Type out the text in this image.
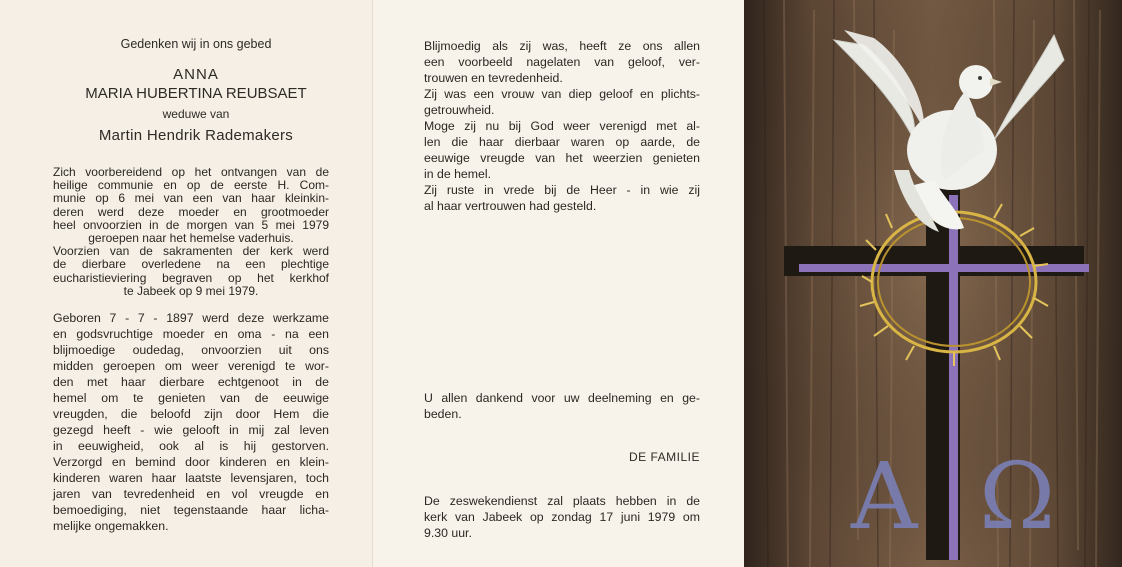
Gedenken wij in ons gebed

ANNA

MARIA HUBERTINA REUBSAET

weduwe van

Martin Hendrik Rademakers

Zich voorbereidend op het ontvangen van de
heilige communie en op de eerste H. Com-
munie op 6 mei van een van haar kleinkin-
deren werd deze moeder en grootmoeder
heel onvoorzien in de morgen van 5 mei 1979
geroepen naar het hemelse vaderhuis.
Voorzien van de sakramenten der kerk werd
de dierbare overledene na een plechtige
eucharistieviering begraven op het kerkhof
te Jabeek op 9 mei 1979.
Geboren 7 - 7 - 1897 werd deze werkzame
en godsvruchtige moeder en oma - na een
blijmoedige oudedag, onvoorzien uit ons
midden geroepen om weer verenigd te wor-
den met haar dierbare echtgenoot in de
hemel om te genieten van de eeuwige
vreugden, die beloofd zijn door Hem die
gezegd heeft - wie gelooft in mij zal leven
in eeuwigheid, ook al is hij gestorven.
Verzorgd en bemind door kinderen en klein-
kinderen waren haar laatste levensjaren, toch
jaren van tevredenheid en vol vreugde en
bemoediging, niet tegenstaande haar licha-
melijke ongemakken.
Blijmoedig als zij was, heeft ze ons allen
een voorbeeld nagelaten van geloof, ver-
trouwen en tevredenheid.
Zij was een vrouw van diep geloof en plichts-
getrouwheid.
Moge zij nu bij God weer verenigd met al-
len die haar dierbaar waren op aarde, de
eeuwige vreugde van het weerzien genieten
in de hemel.
Zij ruste in vrede bij de Heer - in wie zij
al haar vertrouwen had gesteld.
U allen dankend voor uw deelneming en ge-
beden.
DE FAMILIE
De zeswekendienst zal plaats hebben in de
kerk van Jabeek op zondag 17 juni 1979 om
9.30 uur.	Α Ω
